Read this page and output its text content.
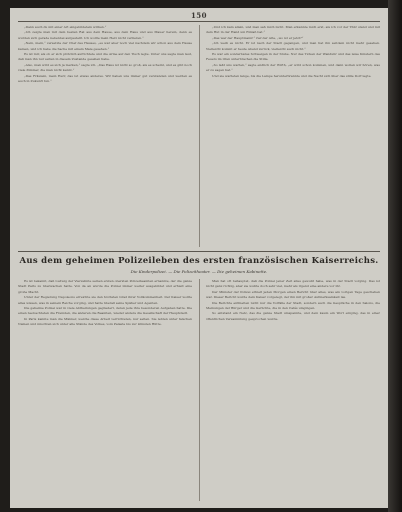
150

„Dann auch du mit einer Art eingebildetem wirken.“

„Ich zeigte man mit dem besten Rat aus dem Hause, aus dem Haus und aus Mauer herein, denn es wurden sich gerade nebenbei aufgestellt. Ich wollte mein Herz nicht verlieren.“

„Nein, mein,“ versetzte der Chef des Hauses, „es war aber noch viel nachdem wir schon aus dem Hause kamen, und ich habe die Sache mit einem Male gesehen.“

Es ist mir, als ob er sich plötzlich aufrichtete und die Arme auf den Tisch legte. Unter uns sagte man laut, daß man ihn nur selten in diesem Zustande gesehen habe.

„Also, man wird es sich ja merken,“ sagte ich. „Das Haus ist nicht so groß, als es scheint, und es gibt noch viele Zimmer, die man nicht kennt.“

„Das Fräulein, mein Herr, das ist etwas anderes. Wir haben uns immer gut verstanden und werden es auch in Zukunft tun.“

„Und ich kam allein, und man sah mich nicht. Man erkannte mich erst, als ich vor der Thür stand und mit dem Hut in der Hand um Einlaß bat.“

„Das war der Hauptmann!“ rief der Alte, „wo ist er jetzt?“

„Ich weiß es nicht. Er ist nach der Stadt gegangen, und man hat ihn seitdem nicht mehr gesehen. Vielleicht kommt er heute Abend zurück, vielleicht auch nicht.“

Es war ein sonderbares Schweigen in der Stube. Nur das Ticken der Wanduhr und das leise Knistern des Feuers im Ofen unterbrachen die Stille.

„So laßt uns warten,“ sagte endlich der Wirth, „er wird schon kommen, und dann wollen wir hören, was er zu sagen hat.“

Und sie warteten lange, bis die Lampe herunterbrannte und die Nacht sich über das stille Dorf legte.

Aus dem geheimen Polizeileben des ersten französischen Kaiserreichs.
Die Kinderpolizei. — Die Polizeitheater. — Die geheimen Kabinette.

Es ist bekannt, daß Ludwig der Vierzehnte seinen ersten obersten Polizeibeamten ernannte, der die ganze Stadt Paris zu überwachen hatte. Von da an wurde die Polizei immer weiter ausgebildet und erhielt eine große Macht.

Unter der Regierung Napoleons erreichte sie den höchsten Grad ihrer Vollkommenheit. Der Kaiser wollte alles wissen, was in seinem Reiche vorging, und hatte überall seine Späher und Agenten.

Die geheime Polizei war in viele Abtheilungen gegliedert, deren jede ihre besonderen Aufgaben hatte. Die einen beobachteten die Fremden, die anderen die Beamten, wieder andere die Gesellschaft der Hauptstadt.

In Paris kannte man die Männer, welche diese Arbeit verrichteten, nur selten. Sie lebten unter falschen Namen und mischten sich unter alle Stände des Volkes, vom Palaste bis zur ärmsten Hütte.

Man hat oft behauptet, daß die Polizei jener Zeit alles gewußt habe, was in der Stadt vorging. Das ist nicht ganz richtig, aber sie wußte doch sehr viel, mehr als irgend eine andere vor ihr.

Der Minister der Polizei erhielt jeden Morgen einen Bericht über alles, was am vorigen Tage geschehen war. Dieser Bericht wurde dem Kaiser vorgelegt, der ihn mit großer Aufmerksamkeit las.

Die Berichte enthielten nicht nur die Vorfälle der Stadt, sondern auch die Gespräche in den Salons, die Meinungen der Bürger und die Gerüchte, die in den Cafés umgingen.

So entstand ein Netz, das die ganze Stadt umspannte, und dem kaum ein Wort entging, das in einer öffentlichen Versammlung gesprochen wurde.
